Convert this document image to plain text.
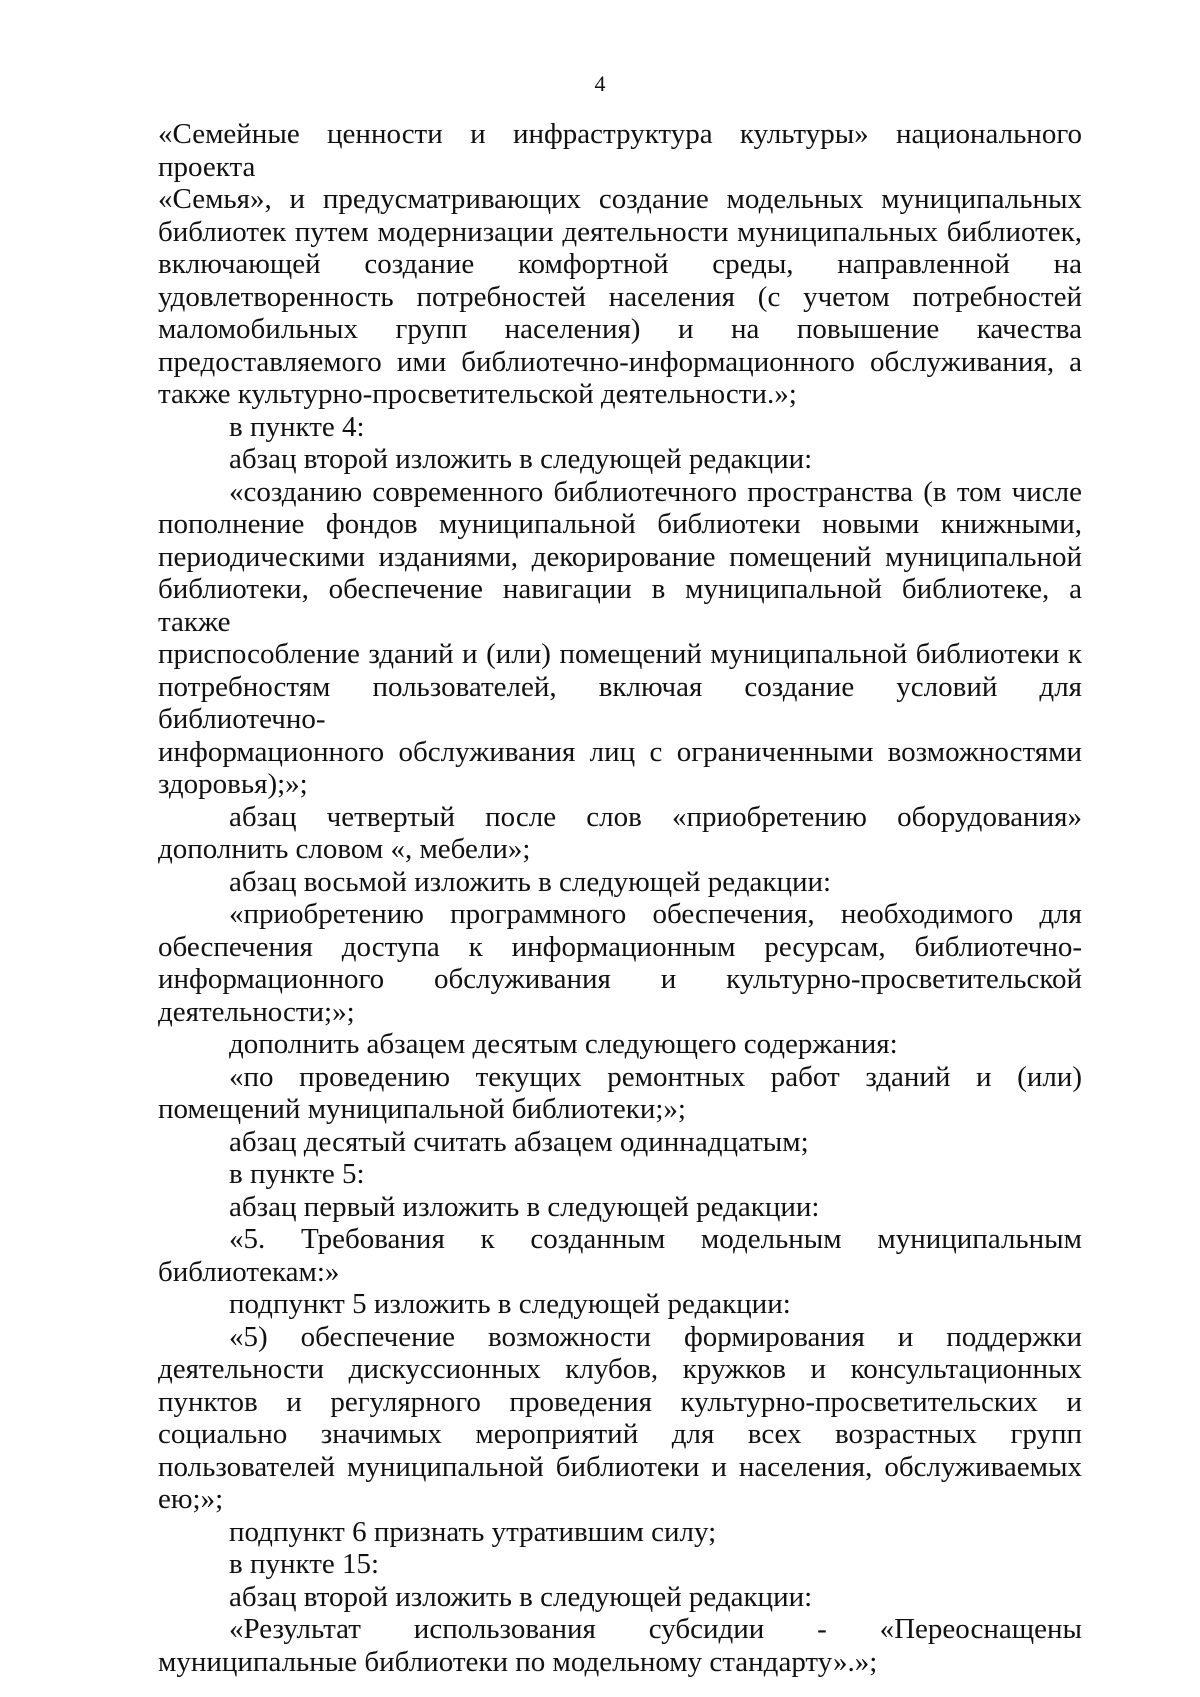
4
«Семейные ценности и инфраструктура культуры» национального проекта
«Семья», и предусматривающих создание модельных муниципальных
библиотек путем модернизации деятельности муниципальных библиотек,
включающей создание комфортной среды, направленной на
удовлетворенность потребностей населения (с учетом потребностей
маломобильных групп населения) и на повышение качества
предоставляемого ими библиотечно-информационного обслуживания, а
также культурно-просветительской деятельности.»;
в пункте 4:
абзац второй изложить в следующей редакции:
«созданию современного библиотечного пространства (в том числе
пополнение фондов муниципальной библиотеки новыми книжными,
периодическими изданиями, декорирование помещений муниципальной
библиотеки, обеспечение навигации в муниципальной библиотеке, а также
приспособление зданий и (или) помещений муниципальной библиотеки к
потребностям пользователей, включая создание условий для библиотечно-
информационного обслуживания лиц с ограниченными возможностями
здоровья);»;
абзац четвертый после слов «приобретению оборудования»
дополнить словом «, мебели»;
абзац восьмой изложить в следующей редакции:
«приобретению программного обеспечения, необходимого для
обеспечения доступа к информационным ресурсам, библиотечно-
информационного обслуживания и культурно-просветительской
деятельности;»;
дополнить абзацем десятым следующего содержания:
«по проведению текущих ремонтных работ зданий и (или)
помещений муниципальной библиотеки;»;
абзац десятый считать абзацем одиннадцатым;
в пункте 5:
абзац первый изложить в следующей редакции:
«5. Требования к созданным модельным муниципальным
библиотекам:»
подпункт 5 изложить в следующей редакции:
«5) обеспечение возможности формирования и поддержки
деятельности дискуссионных клубов, кружков и консультационных
пунктов и регулярного проведения культурно-просветительских и
социально значимых мероприятий для всех возрастных групп
пользователей муниципальной библиотеки и населения, обслуживаемых
ею;»;
подпункт 6 признать утратившим силу;
в пункте 15:
абзац второй изложить в следующей редакции:
«Результат использования субсидии - «Переоснащены
муниципальные библиотеки по модельному стандарту».»;
